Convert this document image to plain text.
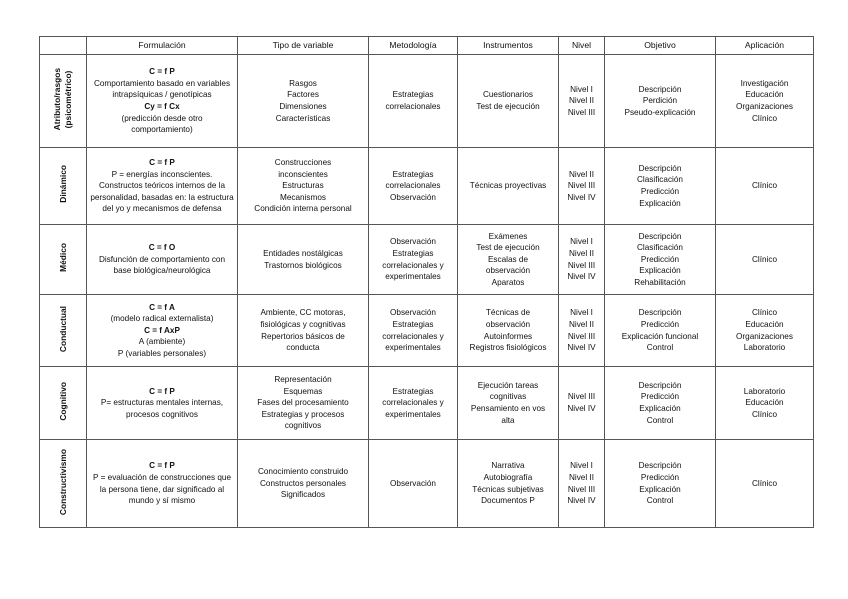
	Formulación	Tipo de variable	Metodología	Instrumentos	Nivel	Objetivo	Aplicación
Atributo/rasgos
(psicométrico)	C = f P
Comportamiento basado en variables intrapsíquicas / genotípicas
Cy = f Cx
(predicción desde otro comportamiento)	Rasgos
Factores
Dimensiones
Características	Estrategias
correlacionales	Cuestionarios
Test de ejecución	Nivel I
Nivel II
Nivel III	Descripción
Perdición
Pseudo-explicación	Investigación
Educación
Organizaciones
Clínico

Dinámico	C = f P
P = energías inconscientes. Constructos teóricos internos de la personalidad, basadas en: la estructura del yo y mecanismos de defensa	Construcciones
inconscientes
Estructuras
Mecanismos
Condición interna personal	Estrategias
correlacionales
Observación	Técnicas proyectivas	Nivel II
Nivel III
Nivel IV	Descripción
Clasificación
Predicción
Explicación	Clínico

Médico	C = f O
Disfunción de comportamiento con base biológica/neurológica	Entidades nostálgicas
Trastornos biológicos	Observación
Estrategias
correlacionales y
experimentales	Exámenes
Test de ejecución
Escalas de
observación
Aparatos	Nivel I
Nivel II
Nivel III
Nivel IV	Descripción
Clasificación
Predicción
Explicación
Rehabilitación	Clínico

Conductual	C = f A
(modelo radical externalista)
C = f AxP
A (ambiente)
P (variables personales)	Ambiente, CC motoras,
fisiológicas y cognitivas
Repertorios básicos de
conducta	Observación
Estrategias
correlacionales y
experimentales	Técnicas de
observación
Autoinformes
Registros fisiológicos	Nivel I
Nivel II
Nivel III
Nivel IV	Descripción
Predicción
Explicación funcional
Control	Clínico
Educación
Organizaciones
Laboratorio

Cognitivo	C = f P
P= estructuras mentales internas, procesos cognitivos	Representación
Esquemas
Fases del procesamiento
Estrategias y procesos
cognitivos	Estrategias
correlacionales y
experimentales	Ejecución tareas
cognitivas
Pensamiento en vos
alta	Nivel III
Nivel IV	Descripción
Predicción
Explicación
Control	Laboratorio
Educación
Clínico

Constructivismo	C = f P
P = evaluación de construcciones que la persona tiene, dar significado al mundo y sí mismo	Conocimiento construido
Constructos personales
Significados	Observación	Narrativa
Autobiografía
Técnicas subjetivas
Documentos P	Nivel I
Nivel II
Nivel III
Nivel IV	Descripción
Predicción
Explicación
Control	Clínico
